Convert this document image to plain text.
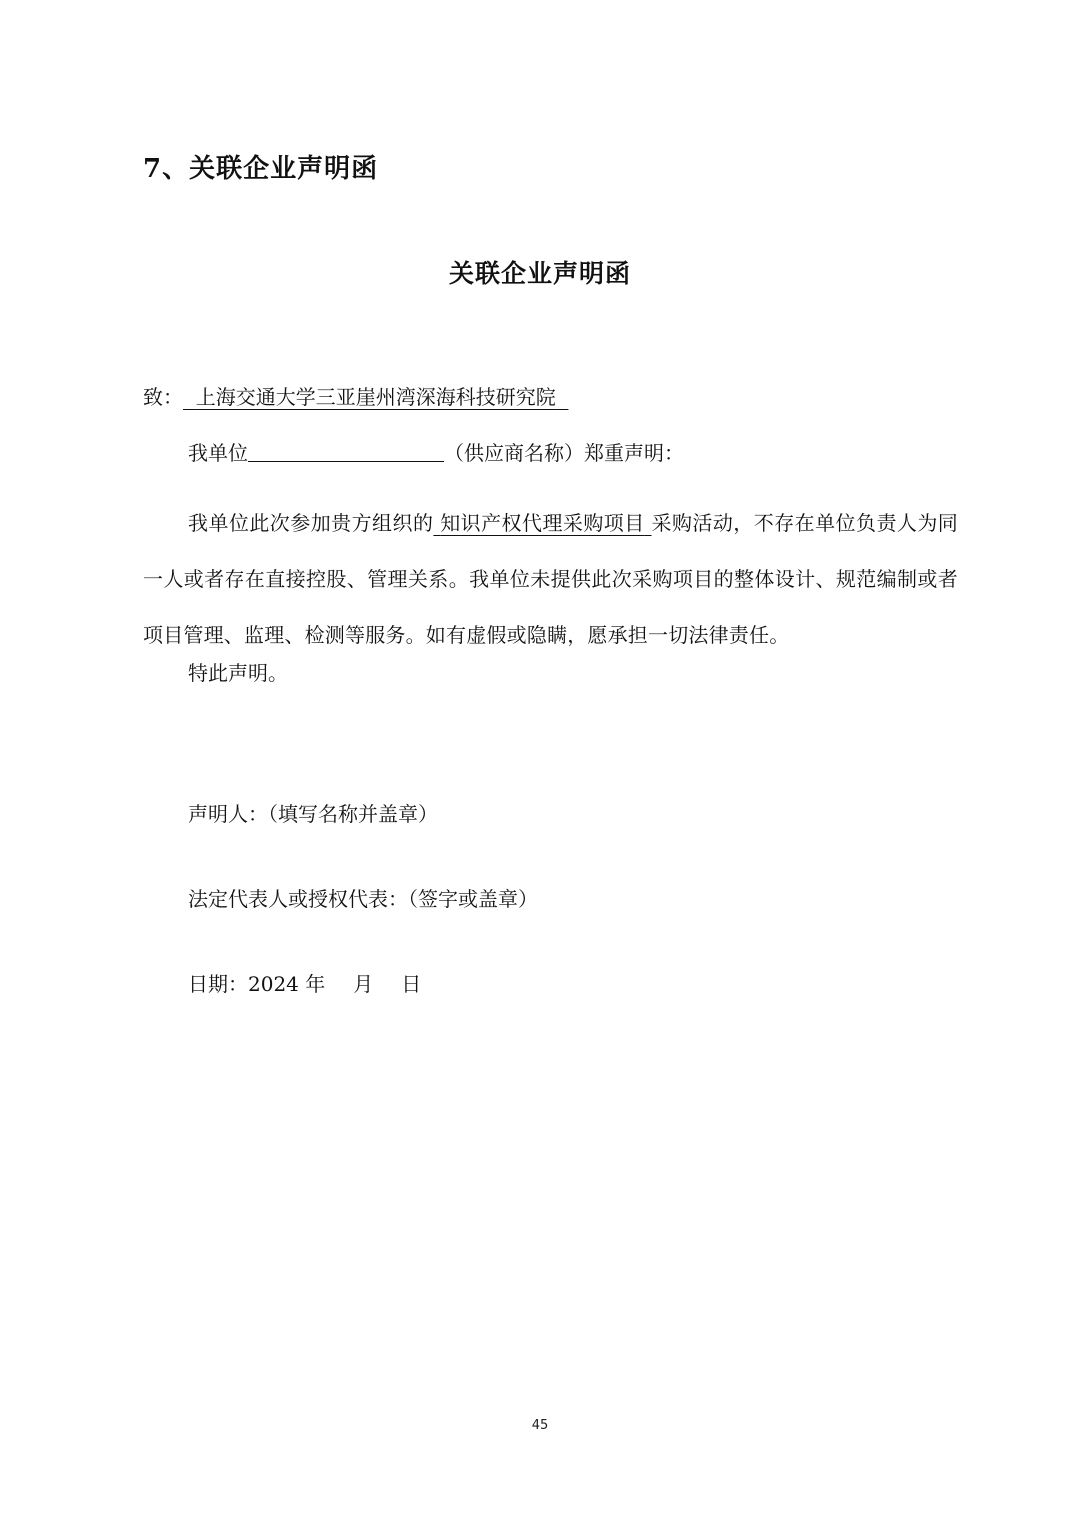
7、关联企业声明函
关联企业声明函
致： 上海交通大学三亚崖州湾深海科技研究院
我单位	（供应商名称）郑重声明：
我单位此次参加贵方组织的 知识产权代理采购项目 采购活动，不存在单位负责人为同一人或者存在直接控股、管理关系。我单位未提供此次采购项目的整体设计、规范编制或者项目管理、监理、检测等服务。如有虚假或隐瞒，愿承担一切法律责任。
特此声明。
声明人：（填写名称并盖章）
法定代表人或授权代表：（签字或盖章）
日期：2024 年 月 日
45
